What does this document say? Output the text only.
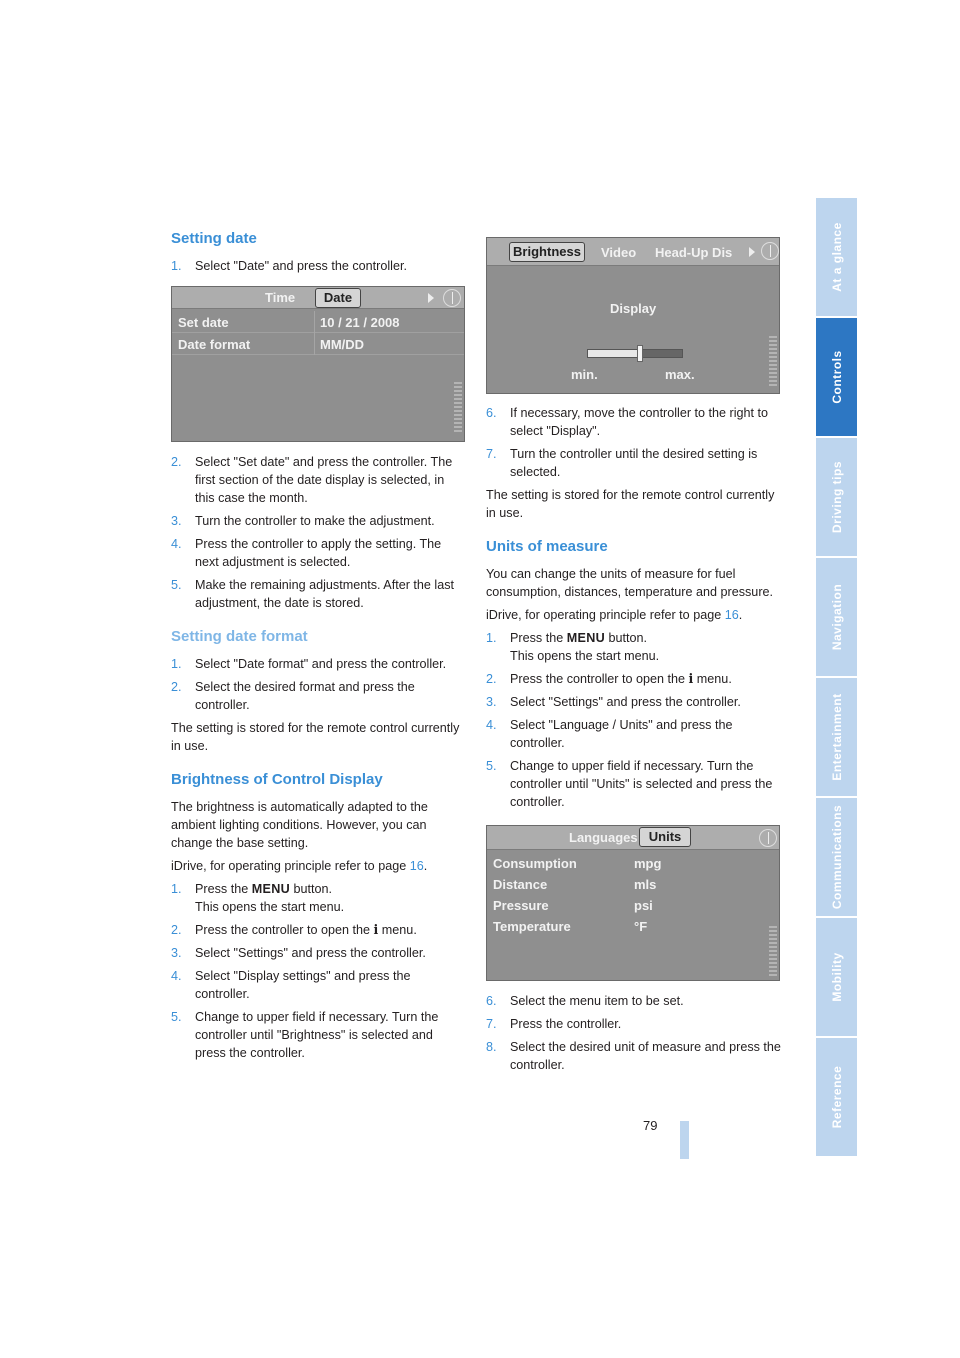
Setting date
1. Select "Date" and press the controller.
Time	Date
Set date	10 / 21 / 2008
Date format	MM/DD
2. Select "Set date" and press the controller. The first section of the date display is selected, in this case the month.
3. Turn the controller to make the adjustment.
4. Press the controller to apply the setting. The next adjustment is selected.
5. Make the remaining adjustments. After the last adjustment, the date is stored.
Setting date format
1. Select "Date format" and press the controller.
2. Select the desired format and press the controller.

The setting is stored for the remote control currently in use.

Brightness of Control Display

The brightness is automatically adapted to the ambient lighting conditions. However, you can change the base setting.

iDrive, for operating principle refer to page 16.

1. Press the MENU button.
This opens the start menu.
2. Press the controller to open the i menu.
3. Select "Settings" and press the controller.
4. Select "Display settings" and press the controller.
5. Change to upper field if necessary. Turn the controller until "Brightness" is selected and press the controller.
Brightness	Video Head-Up Dis
Display
min.	max.
6. If necessary, move the controller to the right to select "Display".
7. Turn the controller until the desired setting is selected.

The setting is stored for the remote control currently in use.

Units of measure

You can change the units of measure for fuel consumption, distances, temperature and pressure.

iDrive, for operating principle refer to page 16.

1. Press the MENU button.
This opens the start menu.
2. Press the controller to open the i menu.
3. Select "Settings" and press the controller.
4. Select "Language / Units" and press the controller.
5. Change to upper field if necessary. Turn the controller until "Units" is selected and press the controller.
Languages Units
Consumption	mpg
Distance	mls
Pressure	psi
Temperature	°F
6. Select the menu item to be set.
7. Press the controller.
8. Select the desired unit of measure and press the controller.
At a glance
Controls
Driving tips
Navigation
Entertainment
Communications
Mobility
Reference
79
